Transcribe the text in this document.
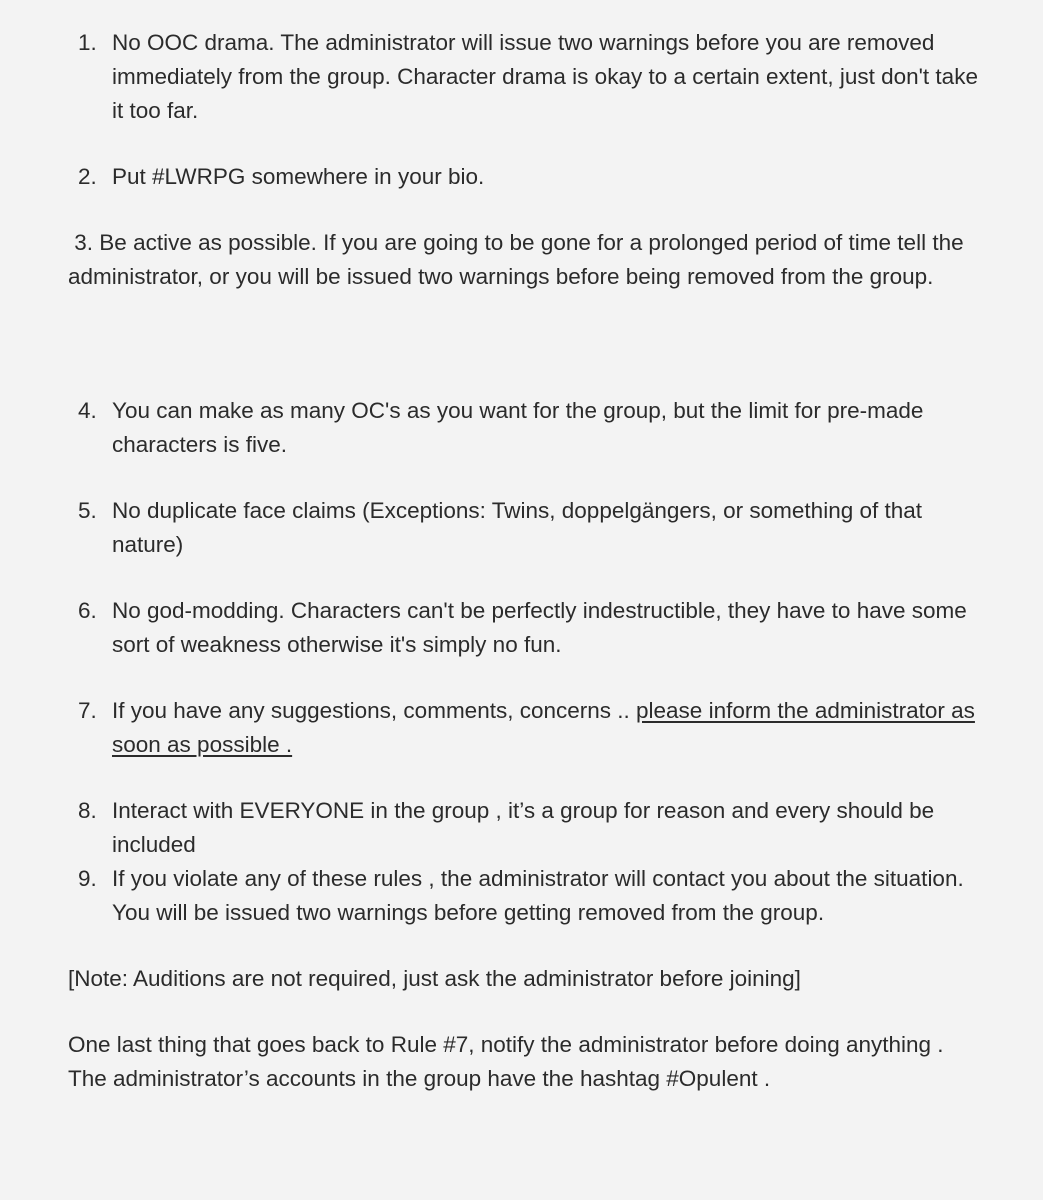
1. No OOC drama. The administrator will issue two warnings before you are removed immediately from the group. Character drama is okay to a certain extent, just don't take it too far.
2. Put #LWRPG somewhere in your bio.

3. Be active as possible. If you are going to be gone for a prolonged period of time tell the administrator, or you will be issued two warnings before being removed from the group.

4. You can make as many OC's as you want for the group, but the limit for pre-made characters is five.
5. No duplicate face claims (Exceptions: Twins, doppelgängers, or something of that nature)
6. No god-modding. Characters can't be perfectly indestructible, they have to have some sort of weakness otherwise it's simply no fun.
7. If you have any suggestions, comments, concerns .. please inform the administrator as soon as possible .
8. Interact with EVERYONE in the group , it’s a group for reason and every should be included
9. If you violate any of these rules , the administrator will contact you about the situation. You will be issued two warnings before getting removed from the group.

[Note: Auditions are not required, just ask the administrator before joining]

One last thing that goes back to Rule #7, notify the administrator before doing anything . The administrator’s accounts in the group have the hashtag #Opulent .
